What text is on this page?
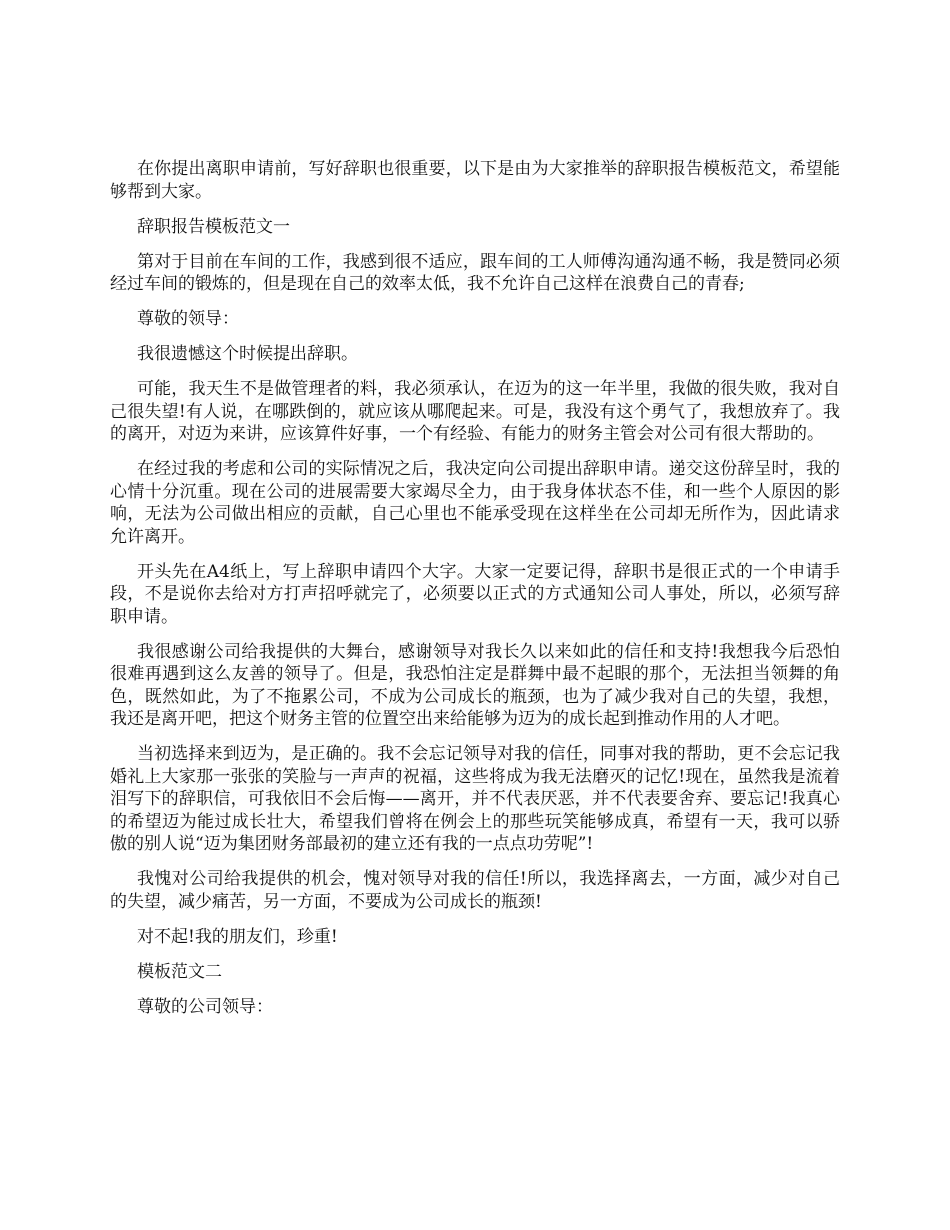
在你提出离职申请前，写好辞职也很重要，以下是由为大家推举的辞职报告模板范文，希望能够帮到大家。

辞职报告模板范文一

第对于目前在车间的工作，我感到很不适应，跟车间的工人师傅沟通沟通不畅，我是赞同必须经过车间的锻炼的，但是现在自己的效率太低，我不允许自己这样在浪费自己的青春;

尊敬的领导：

我很遗憾这个时候提出辞职。

可能，我天生不是做管理者的料，我必须承认，在迈为的这一年半里，我做的很失败，我对自己很失望!有人说，在哪跌倒的，就应该从哪爬起来。可是，我没有这个勇气了，我想放弃了。我的离开，对迈为来讲，应该算件好事，一个有经验、有能力的财务主管会对公司有很大帮助的。

在经过我的考虑和公司的实际情况之后，我决定向公司提出辞职申请。递交这份辞呈时，我的心情十分沉重。现在公司的进展需要大家竭尽全力，由于我身体状态不佳，和一些个人原因的影响，无法为公司做出相应的贡献，自己心里也不能承受现在这样坐在公司却无所作为，因此请求允许离开。

开头先在A4纸上，写上辞职申请四个大字。大家一定要记得，辞职书是很正式的一个申请手段，不是说你去给对方打声招呼就完了，必须要以正式的方式通知公司人事处，所以，必须写辞职申请。

我很感谢公司给我提供的大舞台，感谢领导对我长久以来如此的信任和支持!我想我今后恐怕很难再遇到这么友善的领导了。但是，我恐怕注定是群舞中最不起眼的那个，无法担当领舞的角色，既然如此，为了不拖累公司，不成为公司成长的瓶颈，也为了减少我对自己的失望，我想，我还是离开吧，把这个财务主管的位置空出来给能够为迈为的成长起到推动作用的人才吧。

当初选择来到迈为，是正确的。我不会忘记领导对我的信任，同事对我的帮助，更不会忘记我婚礼上大家那一张张的笑脸与一声声的祝福，这些将成为我无法磨灭的记忆!现在，虽然我是流着泪写下的辞职信，可我依旧不会后悔——离开，并不代表厌恶，并不代表要舍弃、要忘记!我真心的希望迈为能过成长壮大，希望我们曾将在例会上的那些玩笑能够成真，希望有一天，我可以骄傲的别人说“迈为集团财务部最初的建立还有我的一点点功劳呢”!

我愧对公司给我提供的机会，愧对领导对我的信任!所以，我选择离去，一方面，减少对自己的失望，减少痛苦，另一方面，不要成为公司成长的瓶颈!

对不起!我的朋友们，珍重!

模板范文二

尊敬的公司领导：
